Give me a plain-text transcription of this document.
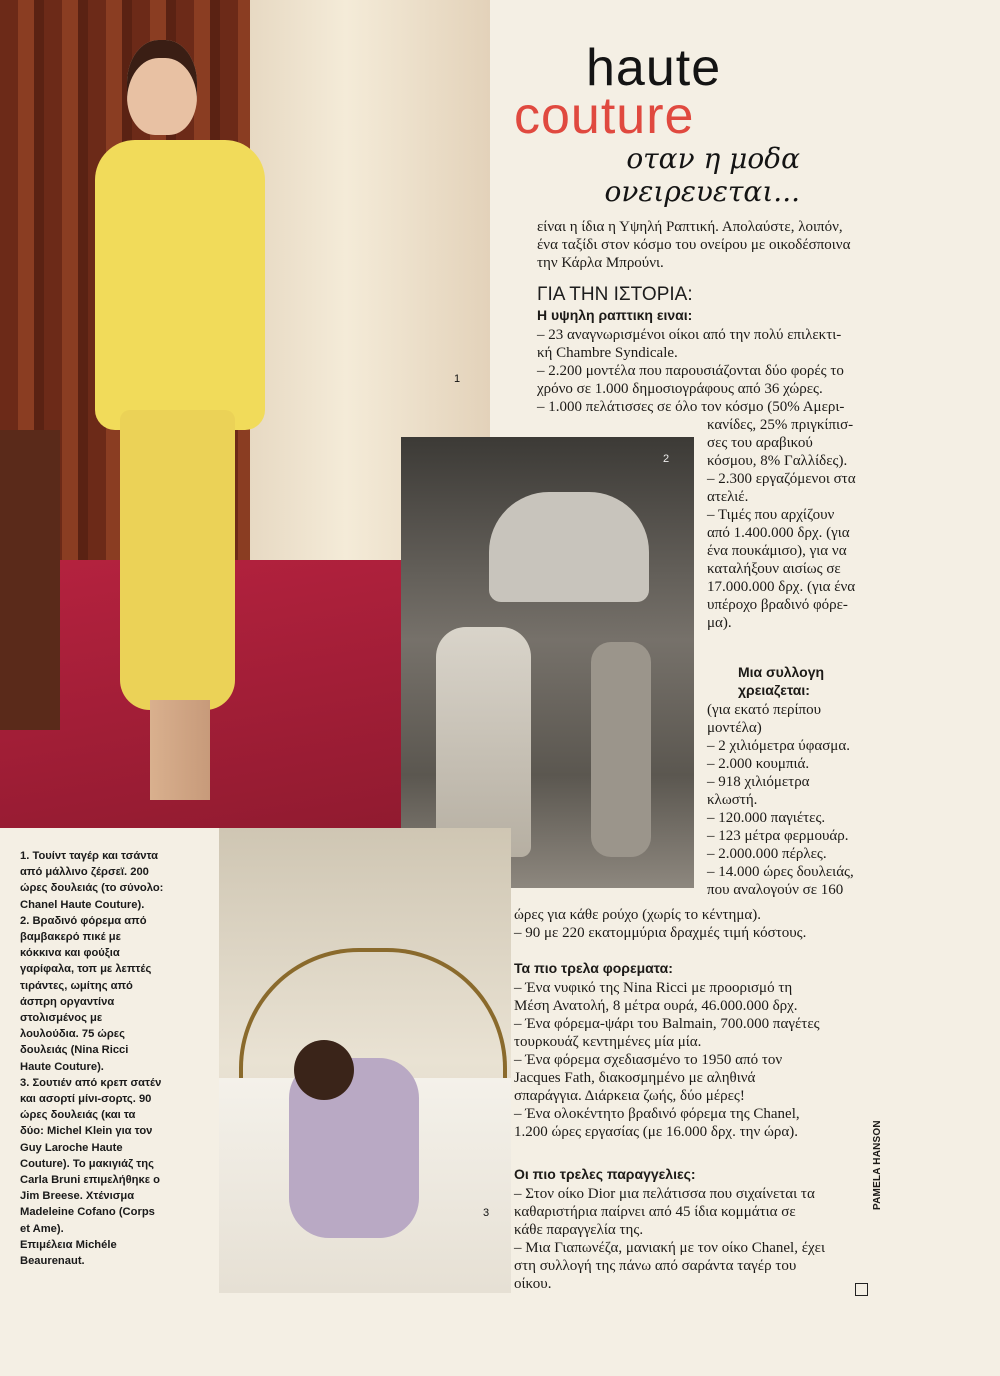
1
2
3
haute
couture
οταν η μοδα
ονειρευεται...

είναι η ίδια η Υψηλή Ραπτική. Απολαύστε, λοιπόν,

ένα ταξίδι στον κόσμο του ονείρου με οικοδέσποινα

την Κάρλα Μπρούνι.

ΓΙΑ ΤΗΝ ΙΣΤΟΡΙΑ:
Η υψηλη ραπτικη ειναι:

– 23 αναγνωρισμένοι οίκοι από την πολύ επιλεκτι-

κή Chambre Syndicale.

– 2.200 μοντέλα που παρουσιάζονται δύο φορές το

χρόνο σε 1.000 δημοσιογράφους από 36 χώρες.

– 1.000 πελάτισσες σε όλο τον κόσμο (50% Αμερι-

κανίδες, 25% πριγκίπισ-

σες του αραβικού

κόσμου, 8% Γαλλίδες).

– 2.300 εργαζόμενοι στα

ατελιέ.

– Τιμές που αρχίζουν

από 1.400.000 δρχ. (για

ένα πουκάμισο), για να

καταλήξουν αισίως σε

17.000.000 δρχ. (για ένα

υπέροχο βραδινό φόρε-

μα).

Μια συλλογη
χρειαζεται:

(για εκατό περίπου

μοντέλα)

– 2 χιλιόμετρα ύφασμα.

– 2.000 κουμπιά.

– 918 χιλιόμετρα

κλωστή.

– 120.000 παγιέτες.

– 123 μέτρα φερμουάρ.

– 2.000.000 πέρλες.

– 14.000 ώρες δουλειάς,

που αναλογούν σε 160

ώρες για κάθε ρούχο (χωρίς το κέντημα).

– 90 με 220 εκατομμύρια δραχμές τιμή κόστους.

Τα πιο τρελα φορεματα:

– Ένα νυφικό της Nina Ricci με προορισμό τη

Μέση Ανατολή, 8 μέτρα ουρά, 46.000.000 δρχ.

– Ένα φόρεμα-ψάρι του Balmain, 700.000 παγέτες

τουρκουάζ κεντημένες μία μία.

– Ένα φόρεμα σχεδιασμένο το 1950 από τον

Jacques Fath, διακοσμημένο με αληθινά

σπαράγγια. Διάρκεια ζωής, δύο μέρες!

– Ένα ολοκέντητο βραδινό φόρεμα της Chanel,

1.200 ώρες εργασίας (με 16.000 δρχ. την ώρα).

Οι πιο τρελες παραγγελιες:

– Στον οίκο Dior μια πελάτισσα που σιχαίνεται τα

καθαριστήρια παίρνει από 45 ίδια κομμάτια σε

κάθε παραγγελία της.

– Μια Γιαπωνέζα, μανιακή με τον οίκο Chanel, έχει

στη συλλογή της πάνω από σαράντα ταγέρ του

οίκου.

1. Τουίντ ταγέρ και τσάντα
από μάλλινο ζέρσεϊ. 200
ώρες δουλειάς (το σύνολο:
Chanel Haute Couture).
2. Βραδινό φόρεμα από
βαμβακερό πικέ με
κόκκινα και φούξια
γαρίφαλα, τοπ με λεπτές
τιράντες, ωμίτης από
άσπρη οργαντίνα
στολισμένος με
λουλούδια. 75 ώρες
δουλειάς (Nina Ricci
Haute Couture).
3. Σουτιέν από κρεπ σατέν
και ασορτί μίνι-σορτς. 90
ώρες δουλειάς (και τα
δύο: Michel Klein για τον
Guy Laroche Haute
Couture). Το μακιγιάζ της
Carla Bruni επιμελήθηκε ο
Jim Breese. Χτένισμα
Madeleine Cofano (Corps
et Ame).
Επιμέλεια Michéle
Beaurenaut.
PAMELA HANSON
